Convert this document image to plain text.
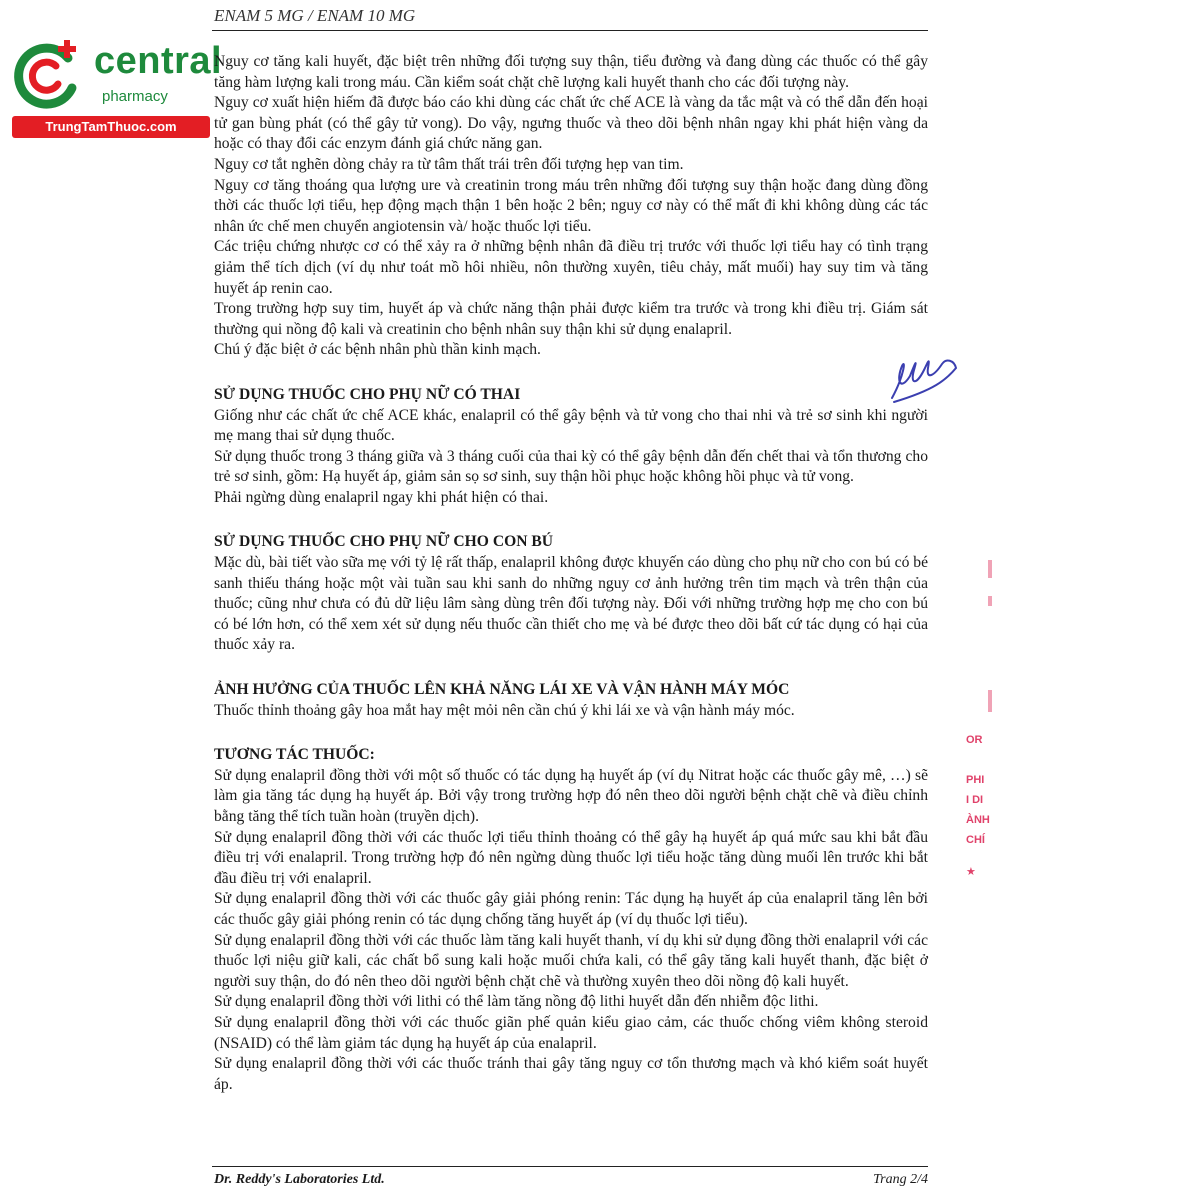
central
pharmacy
TrungTamThuoc.com
ENAM 5 MG / ENAM 10 MG

Nguy cơ tăng kali huyết, đặc biệt trên những đối tượng suy thận, tiểu đường và đang dùng các thuốc có thể gây tăng hàm lượng kali trong máu. Cần kiểm soát chặt chẽ lượng kali huyết thanh cho các đối tượng này.

Nguy cơ xuất hiện hiếm đã được báo cáo khi dùng các chất ức chế ACE là vàng da tắc mật và có thể dẫn đến hoại tử gan bùng phát (có thể gây tử vong). Do vậy, ngưng thuốc và theo dõi bệnh nhân ngay khi phát hiện vàng da hoặc có thay đổi các enzym đánh giá chức năng gan.

Nguy cơ tắt nghẽn dòng chảy ra từ tâm thất trái trên đối tượng hẹp van tim.

Nguy cơ tăng thoáng qua lượng ure và creatinin trong máu trên những đối tượng suy thận hoặc đang dùng đồng thời các thuốc lợi tiểu, hẹp động mạch thận 1 bên hoặc 2 bên; nguy cơ này có thể mất đi khi không dùng các tác nhân ức chế men chuyển angiotensin và/ hoặc thuốc lợi tiểu.

Các triệu chứng nhược cơ có thể xảy ra ở những bệnh nhân đã điều trị trước với thuốc lợi tiểu hay có tình trạng giảm thể tích dịch (ví dụ như toát mồ hôi nhiều, nôn thường xuyên, tiêu chảy, mất muối) hay suy tim và tăng huyết áp renin cao.

Trong trường hợp suy tim, huyết áp và chức năng thận phải được kiểm tra trước và trong khi điều trị. Giám sát thường qui nồng độ kali và creatinin cho bệnh nhân suy thận khi sử dụng enalapril.

Chú ý đặc biệt ở các bệnh nhân phù thần kinh mạch.

SỬ DỤNG THUỐC CHO PHỤ NỮ CÓ THAI

Giống như các chất ức chế ACE khác, enalapril có thể gây bệnh và tử vong cho thai nhi và trẻ sơ sinh khi người mẹ mang thai sử dụng thuốc.

Sử dụng thuốc trong 3 tháng giữa và 3 tháng cuối của thai kỳ có thể gây bệnh dẫn đến chết thai và tổn thương cho trẻ sơ sinh, gồm: Hạ huyết áp, giảm sản sọ sơ sinh, suy thận hồi phục hoặc không hồi phục và tử vong.

Phải ngừng dùng enalapril ngay khi phát hiện có thai.

SỬ DỤNG THUỐC CHO PHỤ NỮ CHO CON BÚ

Mặc dù, bài tiết vào sữa mẹ với tỷ lệ rất thấp, enalapril không được khuyến cáo dùng cho phụ nữ cho con bú có bé sanh thiếu tháng hoặc một vài tuần sau khi sanh do những nguy cơ ảnh hưởng trên tim mạch và trên thận của thuốc; cũng như chưa có đủ dữ liệu lâm sàng dùng trên đối tượng này. Đối với những trường hợp mẹ cho con bú có bé lớn hơn, có thể xem xét sử dụng nếu thuốc cần thiết cho mẹ và bé được theo dõi bất cứ tác dụng có hại của thuốc xảy ra.

ẢNH HƯỞNG CỦA THUỐC LÊN KHẢ NĂNG LÁI XE VÀ VẬN HÀNH MÁY MÓC

Thuốc thỉnh thoảng gây hoa mắt hay mệt mỏi nên cần chú ý khi lái xe và vận hành máy móc.

TƯƠNG TÁC THUỐC:

Sử dụng enalapril đồng thời với một số thuốc có tác dụng hạ huyết áp (ví dụ Nitrat hoặc các thuốc gây mê, …) sẽ làm gia tăng tác dụng hạ huyết áp. Bởi vậy trong trường hợp đó nên theo dõi người bệnh chặt chẽ và điều chỉnh bằng tăng thể tích tuần hoàn (truyền dịch).

Sử dụng enalapril đồng thời với các thuốc lợi tiểu thỉnh thoảng có thể gây hạ huyết áp quá mức sau khi bắt đầu điều trị với enalapril. Trong trường hợp đó nên ngừng dùng thuốc lợi tiểu hoặc tăng dùng muối lên trước khi bắt đầu điều trị với enalapril.

Sử dụng enalapril đồng thời với các thuốc gây giải phóng renin: Tác dụng hạ huyết áp của enalapril tăng lên bởi các thuốc gây giải phóng renin có tác dụng chống tăng huyết áp (ví dụ thuốc lợi tiểu).

Sử dụng enalapril đồng thời với các thuốc làm tăng kali huyết thanh, ví dụ khi sử dụng đồng thời enalapril với các thuốc lợi niệu giữ kali, các chất bổ sung kali hoặc muối chứa kali, có thể gây tăng kali huyết thanh, đặc biệt ở người suy thận, do đó nên theo dõi người bệnh chặt chẽ và thường xuyên theo dõi nồng độ kali huyết.

Sử dụng enalapril đồng thời với lithi có thể làm tăng nồng độ lithi huyết dẫn đến nhiễm độc lithi.

Sử dụng enalapril đồng thời với các thuốc giãn phế quản kiểu giao cảm, các thuốc chống viêm không steroid (NSAID) có thể làm giảm tác dụng hạ huyết áp của enalapril.

Sử dụng enalapril đồng thời với các thuốc tránh thai gây tăng nguy cơ tổn thương mạch và khó kiểm soát huyết áp.

OR
PHI
I DI
ÀNH
CHÍ
★
Dr. Reddy's Laboratories Ltd.	Trang 2/4
